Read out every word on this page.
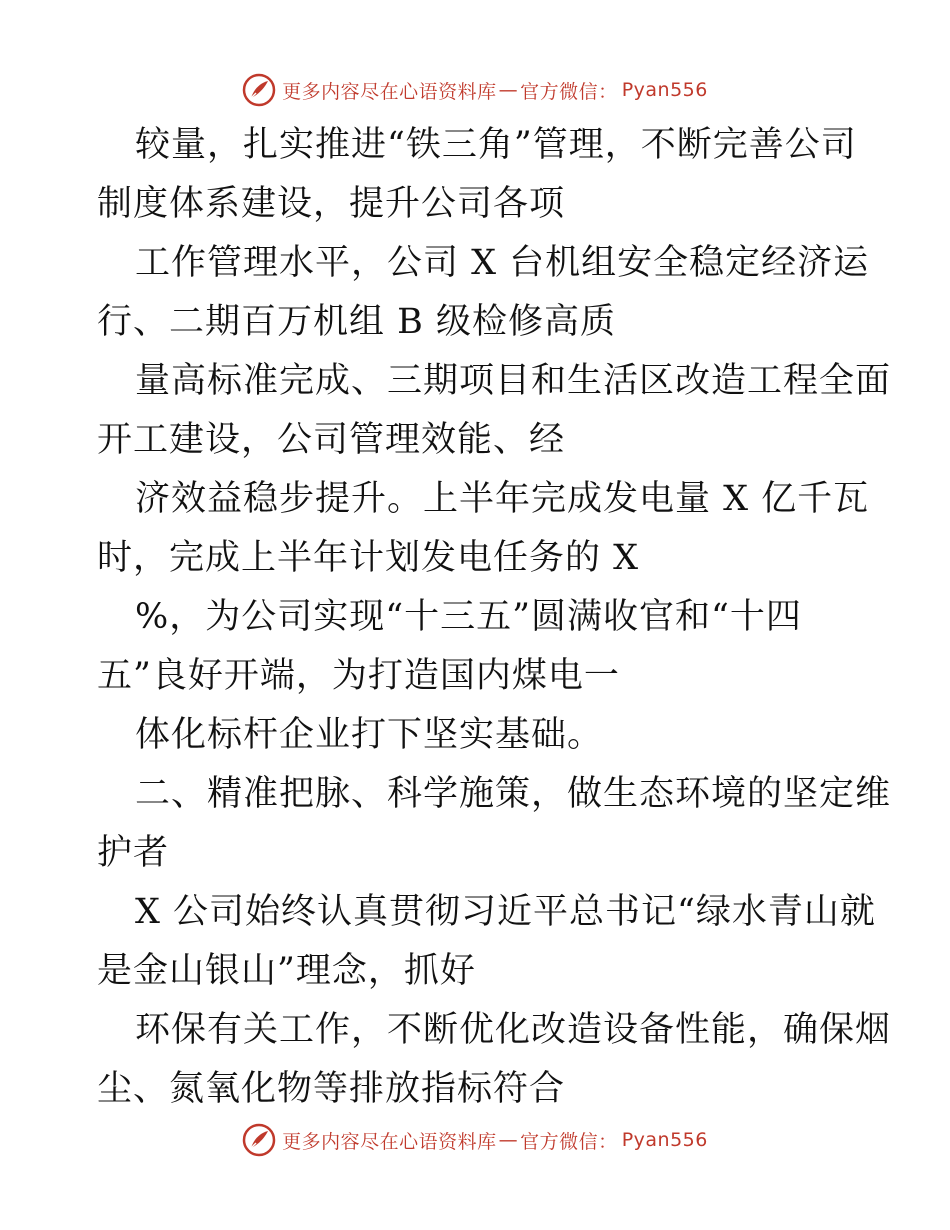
更多内容尽在心语资料库 — 官方微信： Pyan556
较量，扎实推进“铁三角”管理，不断完善公司
制度体系建设，提升公司各项
工作管理水平，公司 X 台机组安全稳定经济运
行、二期百万机组 B 级检修高质
量高标准完成、三期项目和生活区改造工程全面
开工建设，公司管理效能、经
济效益稳步提升。上半年完成发电量 X 亿千瓦
时，完成上半年计划发电任务的 X
%，为公司实现“十三五”圆满收官和“十四
五”良好开端，为打造国内煤电一
体化标杆企业打下坚实基础。
二、精准把脉、科学施策，做生态环境的坚定维
护者
X 公司始终认真贯彻习近平总书记“绿水青山就
是金山银山”理念，抓好
环保有关工作，不断优化改造设备性能，确保烟
尘、氮氧化物等排放指标符合
更多内容尽在心语资料库 — 官方微信： Pyan556
